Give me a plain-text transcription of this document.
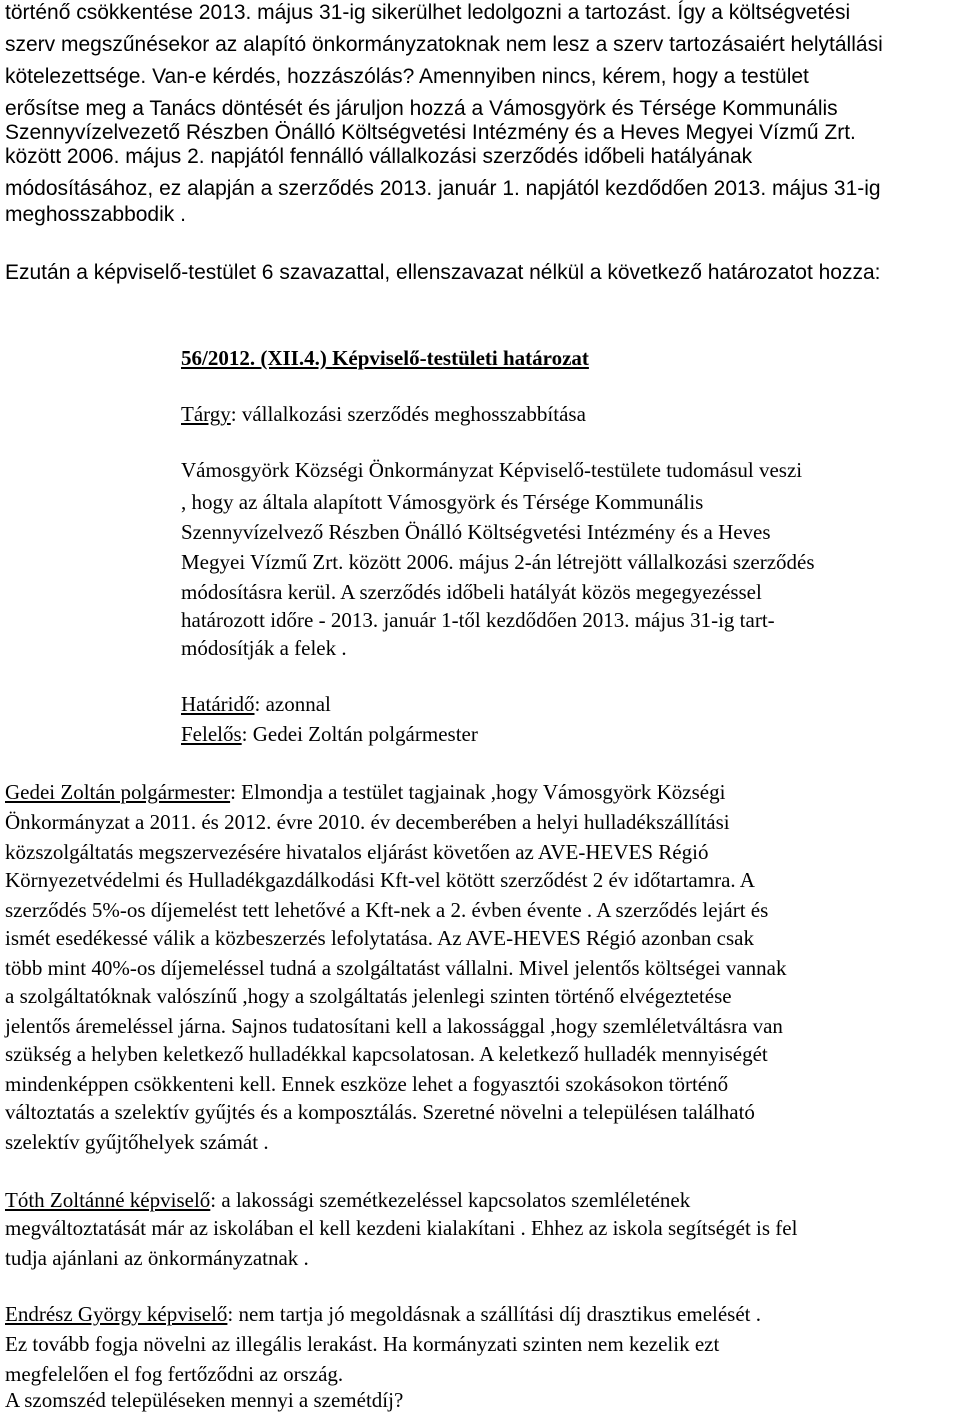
történő csökkentése 2013. május 31-ig sikerülhet ledolgozni a tartozást. Így a költségvetési
szerv megszűnésekor az alapító önkormányzatoknak nem lesz a szerv tartozásaiért helytállási
kötelezettsége. Van-e kérdés, hozzászólás? Amennyiben nincs, kérem, hogy a testület
erősítse meg a Tanács döntését és járuljon hozzá a Vámosgyörk és Térsége Kommunális
Szennyvízelvezető Részben Önálló Költségvetési Intézmény és a Heves Megyei Vízmű Zrt.
között 2006. május 2. napjától fennálló vállalkozási szerződés időbeli hatályának
módosításához, ez alapján a szerződés 2013. január 1. napjától kezdődően 2013. május 31-ig
meghosszabbodik .
Ezután a képviselő-testület 6 szavazattal, ellenszavazat nélkül a következő határozatot hozza:
56/2012. (XII.4.) Képviselő-testületi határozat
Tárgy: vállalkozási szerződés meghosszabbítása
Vámosgyörk Községi Önkormányzat Képviselő-testülete tudomásul veszi
, hogy az általa alapított Vámosgyörk és Térsége Kommunális
Szennyvízelvező Részben Önálló Költségvetési Intézmény és a Heves
Megyei Vízmű Zrt. között 2006. május 2-án létrejött vállalkozási szerződés
módosításra kerül. A szerződés időbeli hatályát közös megegyezéssel
határozott időre - 2013. január 1-től kezdődően 2013. május 31-ig tart-
módosítják a felek .
Határidő: azonnal
Felelős: Gedei Zoltán polgármester
Gedei Zoltán polgármester: Elmondja a testület tagjainak ,hogy Vámosgyörk Községi
Önkormányzat a 2011. és 2012. évre 2010. év decemberében a helyi hulladékszállítási
közszolgáltatás megszervezésére hivatalos eljárást követően az AVE-HEVES Régió
Környezetvédelmi és Hulladékgazdálkodási Kft-vel kötött szerződést 2 év időtartamra. A
szerződés 5%-os díjemelést tett lehetővé a Kft-nek a 2. évben évente . A szerződés lejárt és
ismét esedékessé válik a közbeszerzés lefolytatása. Az AVE-HEVES Régió azonban csak
több mint 40%-os díjemeléssel tudná a szolgáltatást vállalni. Mivel jelentős költségei vannak
a szolgáltatóknak valószínű ,hogy a szolgáltatás jelenlegi szinten történő elvégeztetése
jelentős áremeléssel járna. Sajnos tudatosítani kell a lakossággal ,hogy szemléletváltásra van
szükség a helyben keletkező hulladékkal kapcsolatosan. A keletkező hulladék mennyiségét
mindenképpen csökkenteni kell. Ennek eszköze lehet a fogyasztói szokásokon történő
változtatás a szelektív gyűjtés és a komposztálás. Szeretné növelni a településen található
szelektív gyűjtőhelyek számát .
Tóth Zoltánné képviselő: a lakossági szemétkezeléssel kapcsolatos szemléletének
megváltoztatását már az iskolában el kell kezdeni kialakítani . Ehhez az iskola segítségét is fel
tudja ajánlani az önkormányzatnak .
Endrész György képviselő: nem tartja jó megoldásnak a szállítási díj drasztikus emelését .
Ez tovább fogja növelni az illegális lerakást. Ha kormányzati szinten nem kezelik ezt
megfelelően el fog fertőződni az ország.
A szomszéd településeken mennyi a szemétdíj?
